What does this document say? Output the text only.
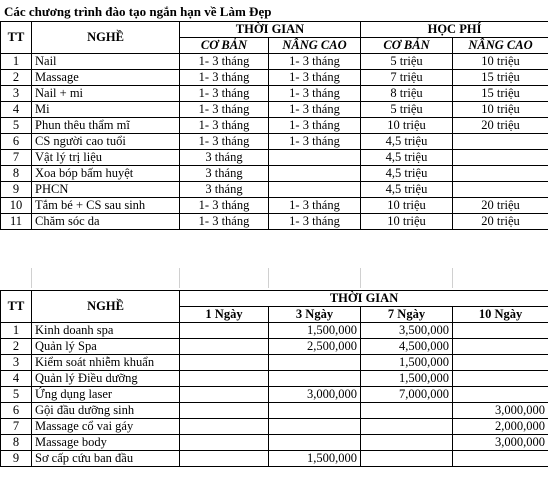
Các chương trình đào tạo ngắn hạn về Làm Đẹp
TT	NGHỀ	THỜI GIAN		HỌC PHÍ	
		CƠ BẢN	NÂNG CAO	CƠ BẢN	NÂNG CAO
1	Nail	1- 3 tháng	1- 3 tháng	5 triệu	10 triệu
2	Massage	1- 3 tháng	1- 3 tháng	7 triệu	15 triệu
3	Nail + mi	1- 3 tháng	1- 3 tháng	8 triệu	15 triệu
4	Mi	1- 3 tháng	1- 3 tháng	5 triệu	10 triệu
5	Phun thêu thẩm mĩ	1- 3 tháng	1- 3 tháng	10 triệu	20 triệu
6	CS người cao tuổi	1- 3 tháng	1- 3 tháng	4,5 triệu	
7	Vật lý trị liệu	3 tháng		4,5 triệu	
8	Xoa bóp bấm huyệt	3 tháng		4,5 triệu	
9	PHCN	3 tháng		4,5 triệu	
10	Tắm bé + CS sau sinh	1- 3 tháng	1- 3 tháng	10 triệu	20 triệu
11	Chăm sóc da	1- 3 tháng	1- 3 tháng	10 triệu	20 triệu
TT	NGHỀ	THỜI GIAN			
		1 Ngày	3 Ngày	7 Ngày	10 Ngày
1	Kinh doanh spa		1,500,000	3,500,000	
2	Quản lý Spa		2,500,000	4,500,000	
3	Kiểm soát nhiễm khuẩn			1,500,000	
4	Quản lý Điều dưỡng			1,500,000	
5	Ứng dụng laser		3,000,000	7,000,000	
6	Gội đầu dưỡng sinh				3,000,000
7	Massage cổ vai gáy				2,000,000
8	Massage body				3,000,000
9	Sơ cấp cứu ban đầu		1,500,000		
